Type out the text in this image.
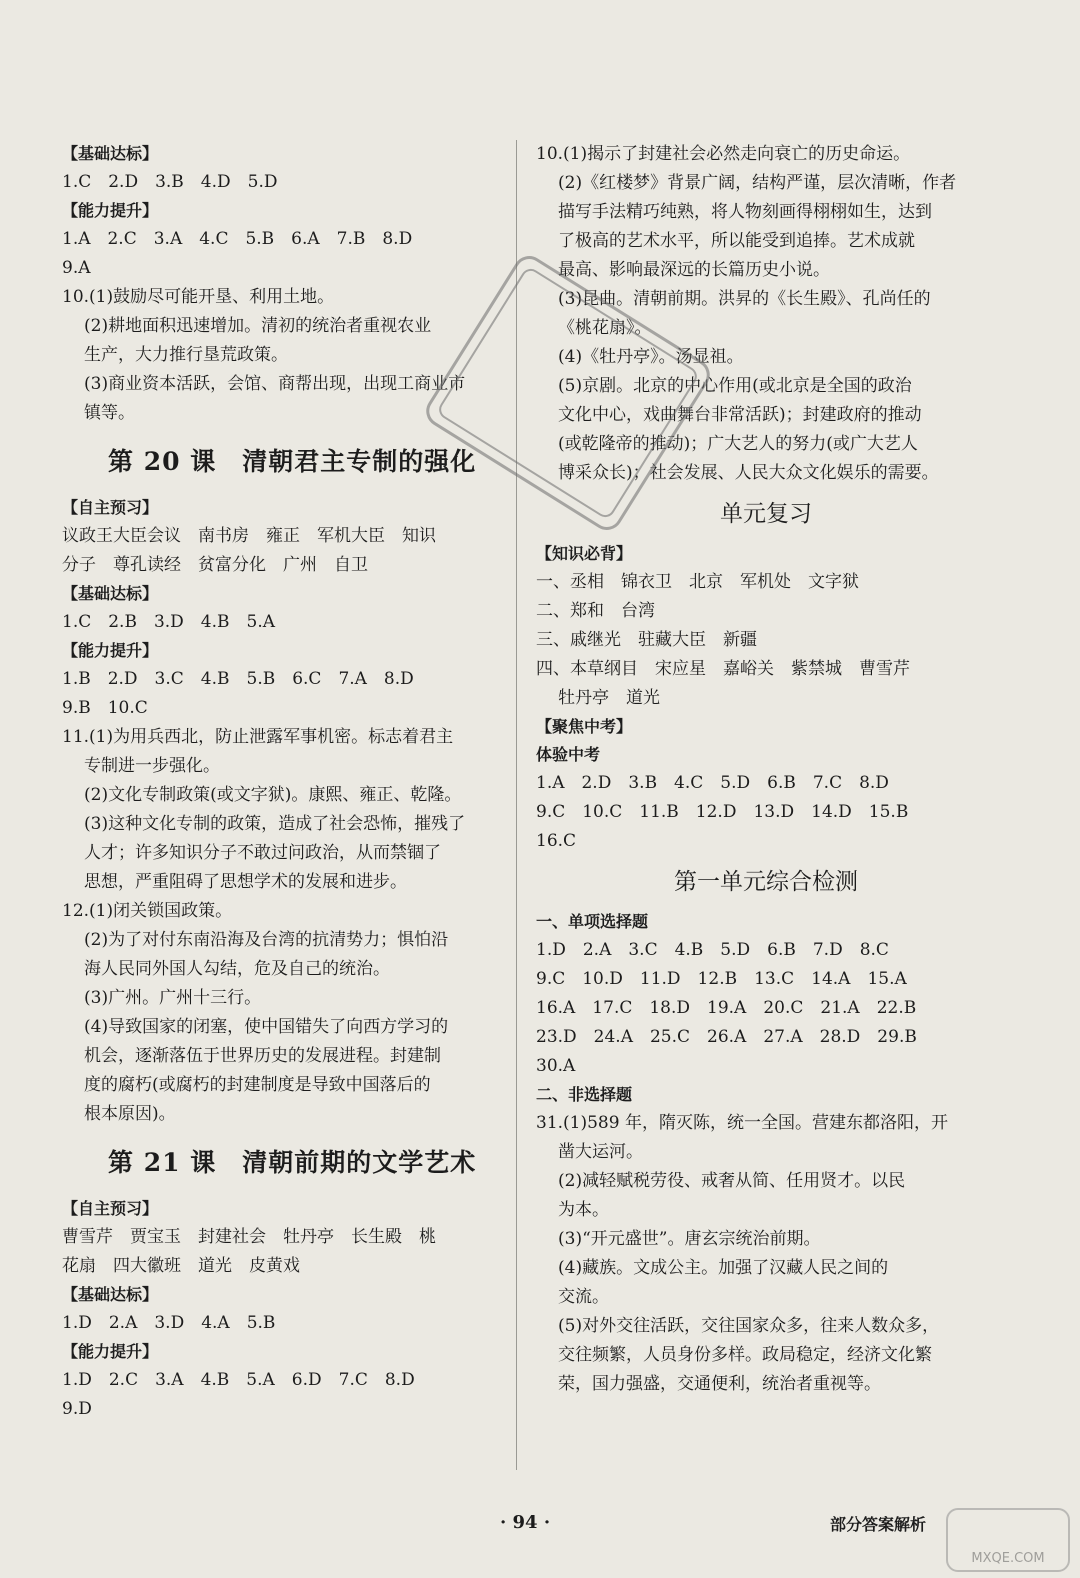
【基础达标】
1.C　2.D　3.B　4.D　5.D
【能力提升】
1.A　2.C　3.A　4.C　5.B　6.A　7.B　8.D
9.A
10.(1)鼓励尽可能开垦、利用土地。
(2)耕地面积迅速增加。清初的统治者重视农业
生产，大力推行垦荒政策。
(3)商业资本活跃，会馆、商帮出现，出现工商业市
镇等。
第 20 课　清朝君主专制的强化
【自主预习】
议政王大臣会议　南书房　雍正　军机大臣　知识
分子　尊孔读经　贫富分化　广州　自卫
【基础达标】
1.C　2.B　3.D　4.B　5.A
【能力提升】
1.B　2.D　3.C　4.B　5.B　6.C　7.A　8.D
9.B　10.C
11.(1)为用兵西北，防止泄露军事机密。标志着君主
专制进一步强化。
(2)文化专制政策(或文字狱)。康熙、雍正、乾隆。
(3)这种文化专制的政策，造成了社会恐怖，摧残了
人才；许多知识分子不敢过问政治，从而禁锢了
思想，严重阻碍了思想学术的发展和进步。
12.(1)闭关锁国政策。
(2)为了对付东南沿海及台湾的抗清势力；惧怕沿
海人民同外国人勾结，危及自己的统治。
(3)广州。广州十三行。
(4)导致国家的闭塞，使中国错失了向西方学习的
机会，逐渐落伍于世界历史的发展进程。封建制
度的腐朽(或腐朽的封建制度是导致中国落后的
根本原因)。
第 21 课　清朝前期的文学艺术
【自主预习】
曹雪芹　贾宝玉　封建社会　牡丹亭　长生殿　桃
花扇　四大徽班　道光　皮黄戏
【基础达标】
1.D　2.A　3.D　4.A　5.B
【能力提升】
1.D　2.C　3.A　4.B　5.A　6.D　7.C　8.D
9.D
10.(1)揭示了封建社会必然走向衰亡的历史命运。
(2)《红楼梦》背景广阔，结构严谨，层次清晰，作者
描写手法精巧纯熟，将人物刻画得栩栩如生，达到
了极高的艺术水平，所以能受到追捧。艺术成就
最高、影响最深远的长篇历史小说。
(3)昆曲。清朝前期。洪昇的《长生殿》、孔尚任的
《桃花扇》。
(4)《牡丹亭》。汤显祖。
(5)京剧。北京的中心作用(或北京是全国的政治
文化中心，戏曲舞台非常活跃)；封建政府的推动
(或乾隆帝的推动)；广大艺人的努力(或广大艺人
博采众长)；社会发展、人民大众文化娱乐的需要。
单元复习
【知识必背】
一、丞相　锦衣卫　北京　军机处　文字狱
二、郑和　台湾
三、戚继光　驻藏大臣　新疆
四、本草纲目　宋应星　嘉峪关　紫禁城　曹雪芹
牡丹亭　道光
【聚焦中考】
体验中考
1.A　2.D　3.B　4.C　5.D　6.B　7.C　8.D
9.C　10.C　11.B　12.D　13.D　14.D　15.B
16.C
第一单元综合检测
一、单项选择题
1.D　2.A　3.C　4.B　5.D　6.B　7.D　8.C
9.C　10.D　11.D　12.B　13.C　14.A　15.A
16.A　17.C　18.D　19.A　20.C　21.A　22.B
23.D　24.A　25.C　26.A　27.A　28.D　29.B
30.A
二、非选择题
31.(1)589 年，隋灭陈，统一全国。营建东都洛阳，开
凿大运河。
(2)减轻赋税劳役、戒奢从简、任用贤才。以民
为本。
(3)“开元盛世”。唐玄宗统治前期。
(4)藏族。文成公主。加强了汉藏人民之间的
交流。
(5)对外交往活跃，交往国家众多，往来人数众多，
交往频繁，人员身份多样。政局稳定，经济文化繁
荣，国力强盛，交通便利，统治者重视等。
· 94 ·	部分答案解析
MXQE.COM
